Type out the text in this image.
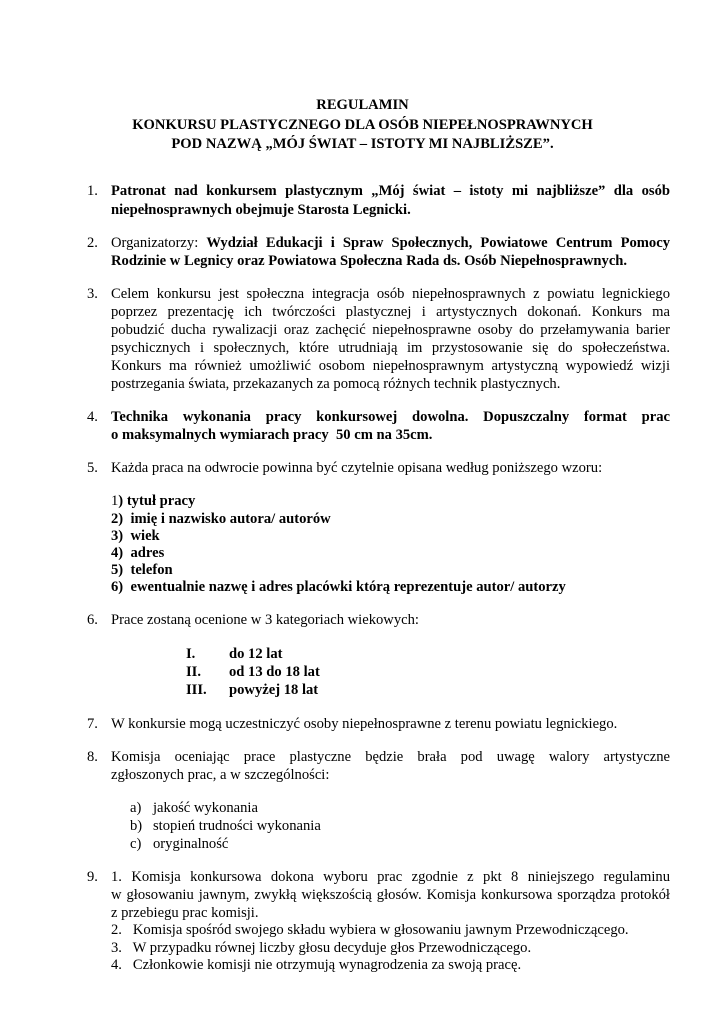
REGULAMIN
KONKURSU PLASTYCZNEGO DLA OSÓB NIEPEŁNOSPRAWNYCH
POD NAZWĄ „MÓJ ŚWIAT – ISTOTY MI NAJBLIŻSZE”.
1. Patronat nad konkursem plastycznym „Mój świat – istoty mi najbliższe” dla osób
niepełnosprawnych obejmuje Starosta Legnicki.
2. Organizatorzy: Wydział Edukacji i Spraw Społecznych, Powiatowe Centrum Pomocy
Rodzinie w Legnicy oraz Powiatowa Społeczna Rada ds. Osób Niepełnosprawnych.
3. Celem konkursu jest społeczna integracja osób niepełnosprawnych z powiatu legnickiego
poprzez prezentację ich twórczości plastycznej i artystycznych dokonań. Konkurs ma
pobudzić ducha rywalizacji oraz zachęcić niepełnosprawne osoby do przełamywania barier
psychicznych i społecznych, które utrudniają im przystosowanie się do społeczeństwa.
Konkurs ma również umożliwić osobom niepełnosprawnym artystyczną wypowiedź wizji
postrzegania świata, przekazanych za pomocą różnych technik plastycznych.
4. Technika wykonania pracy konkursowej dowolna. Dopuszczalny format prac
o maksymalnych wymiarach pracy  50 cm na 35cm.
5. Każda praca na odwrocie powinna być czytelnie opisana według poniższego wzoru:
1) tytuł pracy
2)  imię i nazwisko autora/ autorów
3)  wiek
4)  adres
5)  telefon
6)  ewentualnie nazwę i adres placówki którą reprezentuje autor/ autorzy
6. Prace zostaną ocenione w 3 kategoriach wiekowych:
I. do 12 lat
II. od 13 do 18 lat
III. powyżej 18 lat
7. W konkursie mogą uczestniczyć osoby niepełnosprawne z terenu powiatu legnickiego.
8. Komisja oceniając prace plastyczne będzie brała pod uwagę walory artystyczne
zgłoszonych prac, a w szczególności:
a) jakość wykonania
b) stopień trudności wykonania
c) oryginalność
9. 1. Komisja konkursowa dokona wyboru prac zgodnie z pkt 8 niniejszego regulaminu
w głosowaniu jawnym, zwykłą większością głosów. Komisja konkursowa sporządza protokół
z przebiegu prac komisji.
2.   Komisja spośród swojego składu wybiera w głosowaniu jawnym Przewodniczącego.
3.   W przypadku równej liczby głosu decyduje głos Przewodniczącego.
4.   Członkowie komisji nie otrzymują wynagrodzenia za swoją pracę.
